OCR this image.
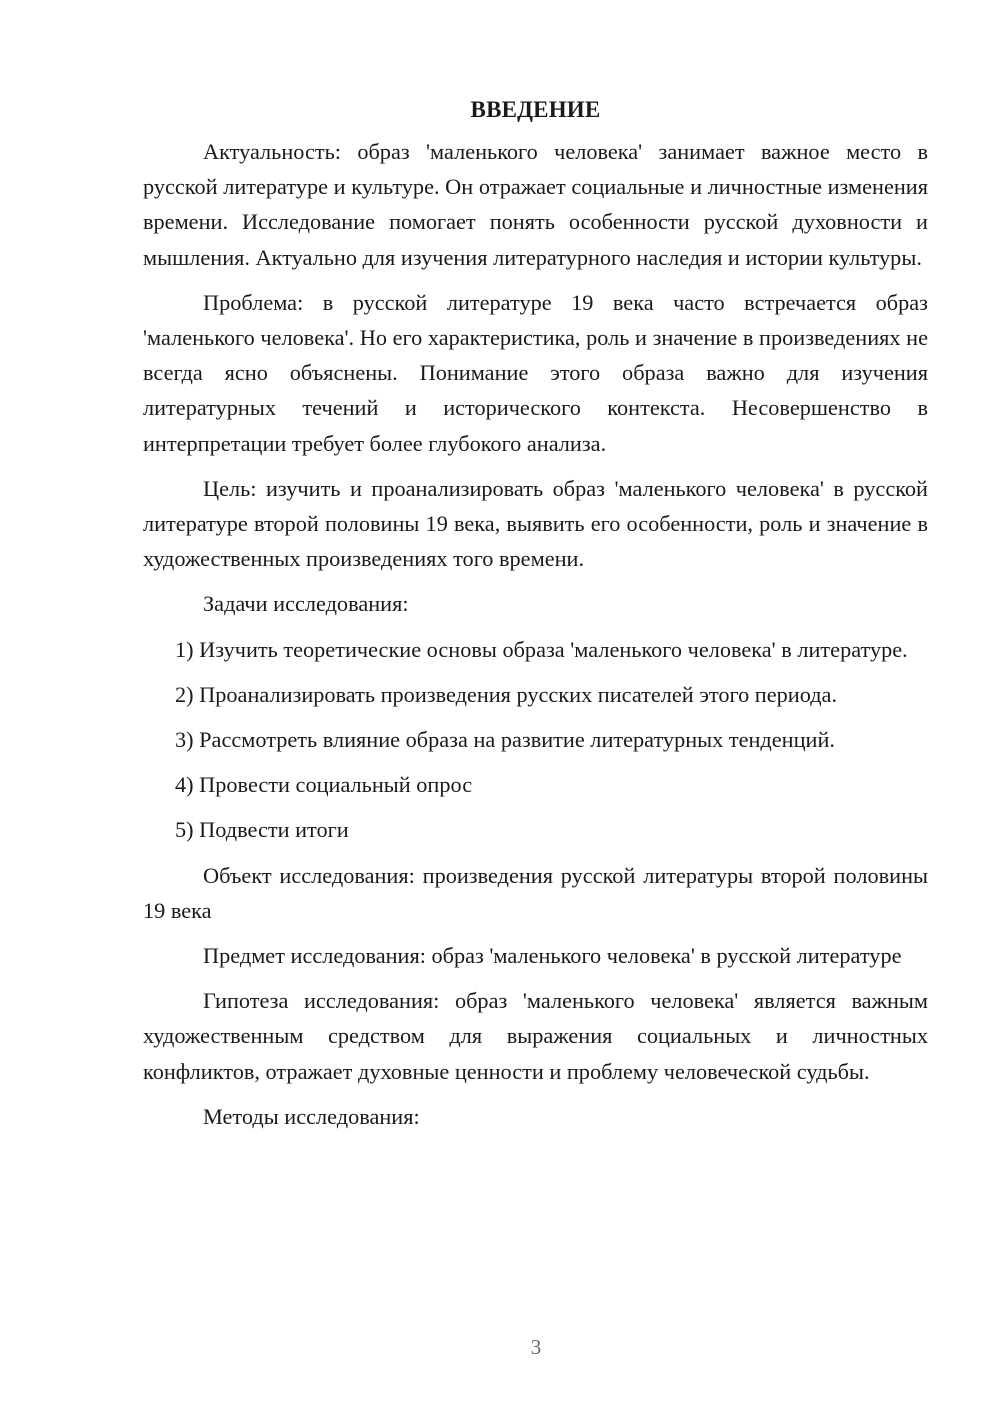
ВВЕДЕНИЕ

Актуальность: образ 'маленького человека' занимает важное место в русской литературе и культуре. Он отражает социальные и личностные изменения времени. Исследование помогает понять особенности русской духовности и мышления. Актуально для изучения литературного наследия и истории культуры.

Проблема: в русской литературе 19 века часто встречается образ 'маленького человека'. Но его характеристика, роль и значение в произведениях не всегда ясно объяснены. Понимание этого образа важно для изучения литературных течений и исторического контекста. Несовершенство в интерпретации требует более глубокого анализа.

Цель: изучить и проанализировать образ 'маленького человека' в русской литературе второй половины 19 века, выявить его особенности, роль и значение в художественных произведениях того времени.

Задачи исследования:

1) Изучить теоретические основы образа 'маленького человека' в литературе.

2) Проанализировать произведения русских писателей этого периода.

3) Рассмотреть влияние образа на развитие литературных тенденций.

4) Провести социальный опрос

5) Подвести итоги

Объект исследования: произведения русской литературы второй половины 19 века

Предмет исследования: образ 'маленького человека' в русской литературе

Гипотеза исследования: образ 'маленького человека' является важным художественным средством для выражения социальных и личностных конфликтов, отражает духовные ценности и проблему человеческой судьбы.

Методы исследования:

3
